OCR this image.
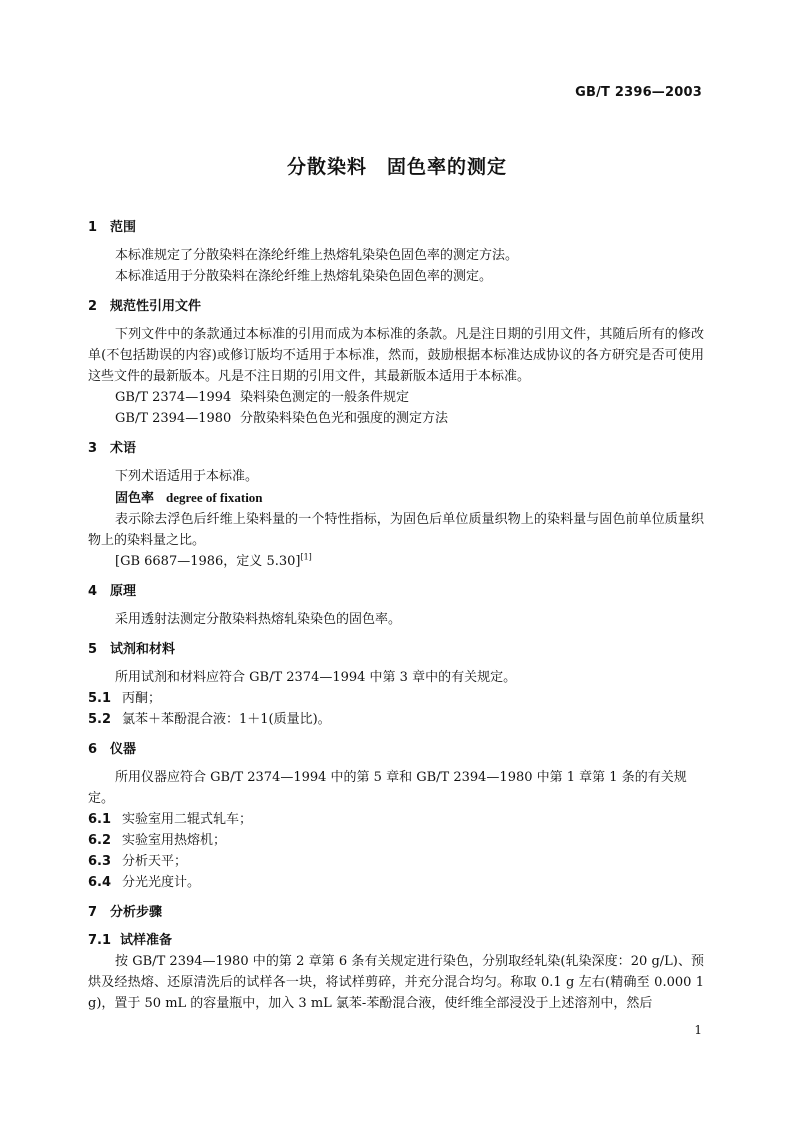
GB/T 2396—2003
分散染料　固色率的测定
1 范围

本标准规定了分散染料在涤纶纤维上热熔轧染染色固色率的测定方法。

本标准适用于分散染料在涤纶纤维上热熔轧染染色固色率的测定。

2 规范性引用文件

下列文件中的条款通过本标准的引用而成为本标准的条款。凡是注日期的引用文件，其随后所有的修改单(不包括勘误的内容)或修订版均不适用于本标准，然而，鼓励根据本标准达成协议的各方研究是否可使用这些文件的最新版本。凡是不注日期的引用文件，其最新版本适用于本标准。

GB/T 2374—1994 染料染色测定的一般条件规定
GB/T 2394—1980 分散染料染色色光和强度的测定方法
3 术语

下列术语适用于本标准。

固色率 degree of fixation

表示除去浮色后纤维上染料量的一个特性指标，为固色后单位质量织物上的染料量与固色前单位质量织物上的染料量之比。

[GB 6687—1986，定义 5.30][1]

4 原理

采用透射法测定分散染料热熔轧染染色的固色率。

5 试剂和材料

所用试剂和材料应符合 GB/T 2374—1994 中第 3 章中的有关规定。

5.1 丙酮；
5.2 氯苯＋苯酚混合液：1＋1(质量比)。
6 仪器

所用仪器应符合 GB/T 2374—1994 中的第 5 章和 GB/T 2394—1980 中第 1 章第 1 条的有关规定。

6.1 实验室用二辊式轧车；
6.2 实验室用热熔机；
6.3 分析天平；
6.4 分光光度计。
7 分析步骤
7.1 试样准备

按 GB/T 2394—1980 中的第 2 章第 6 条有关规定进行染色，分别取经轧染(轧染深度：20 g/L)、预烘及经热熔、还原清洗后的试样各一块，将试样剪碎，并充分混合均匀。称取 0.1 g 左右(精确至 0.000 1 g)，置于 50 mL 的容量瓶中，加入 3 mL 氯苯-苯酚混合液，使纤维全部浸没于上述溶剂中，然后

1
